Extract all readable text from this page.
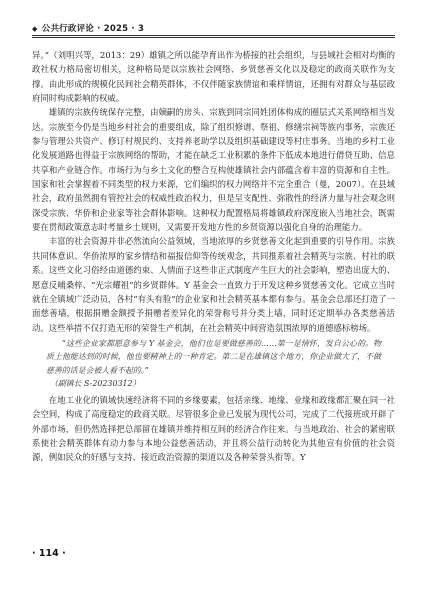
◆ 公共行政评论 · 2025 · 3

异。”（刘明兴等，2013：29）雄镇之所以能孕育出作为桥接的社会组织，与县域社会相对均衡的政社权力格局密切相关，这种格局是以宗族社会网络、乡贤慈善文化以及稳定的政商关联作为支撑。由此形成的规模化民间社会精英群体，不仅伴随家族情谊和乘样情谊，还拥有对群众与基层政府同时构成影响的权威。

雄镇的宗族传统保存完整，由嫡嗣的房头、宗族到同宗同姓团体构成的圈层式关系网络相当发达。宗族至今仍是当地乡村社会的重要组成，除了组织修谱、祭祖、修缮宗祠等族内事务，宗族还参与管理公共资产、修订村规民约、支持养老助学以及组织基础建设等村庄事务。当地的乡村工业化发展道路也得益于宗族网络的帮助，才能在缺乏工业积累的条件下低成本地进行借贷互助、信息共享和产业链合作。市场行为与乡土文化的整合互构使雄镇社会内部蕴含着丰富的资源和自主性。国家和社会掌握着不同类型的权力来源，它们编织的权力网络并不完全重合（曼，2007）。在县域社会，政府虽然拥有管控社会的权威性政治权力，但是呈支配性、弥散性的经济力量与社会观念则深受宗族、华侨和企业家等社会群体影响。这种权力配置格局将雄镇政府深度嵌入当地社会，既需要在贯彻政策意志时考量乡土规则，又需要开发地方性的乡贤资源以强化自身的治理能力。

丰富的社会资源并非必然流向公益领域，当地浓厚的乡贤慈善文化起到重要的引导作用。宗族共同体意识、华侨浓厚的家乡情结和福报信仰等传统观念，共同推系着社会精英与宗族、村社的联系。这些文化习俗经由道德约束、人情面子这些非正式制度产生巨大的社会影响，塑造出庞大的、愿意反哺桑梓、“光宗耀祖”的乡贤群体。Y 基金会一直致力于开发这种乡贤慈善文化。它成立当时就在全镇域广泛动员，各村“有头有脸”的企业家和社会精英基本都有参与。基金会总部还打造了一面慈善墙，根据捐赠金额授予捐赠者差异化的荣誉称号并分类上墙，同时还定期举办各类慈善活动。这些举措不仅打造无形的荣誉生产机制，在社会精英中间营造氛围浓厚的道德感标榜场。

“这些企业家都愿意参与 Y 基金会，他们也是要做慈善的……第一是情怀，发自公心的。物质上他能达到的时候，他也要精神上的一种肯定。第二是在雄镇这个地方，你企业做大了，不做慈善的话是会被人看不起的。”
（副镇长 S-20230312）

在地工业化的镇域快速经济将不同的乡缘要素，包括亲缘、地缘、业缘和政缘都汇聚在同一社会空间，构成了高度稳定的政商关联。尽管很多企业已发展为现代公司，完成了二代接班或开辟了外部市场，但仍然选择把总部留在雄镇并维持相互间的经济合作往来。与当地政治、社会的紧密联系使社会精英群体有动力参与本地公益慈善活动，并且将公益行动转化为其他宣有价值的社会资源，例如民众的好感与支持、接近政治资源的渠道以及各种荣誉头衔等。Y

· 114 ·
